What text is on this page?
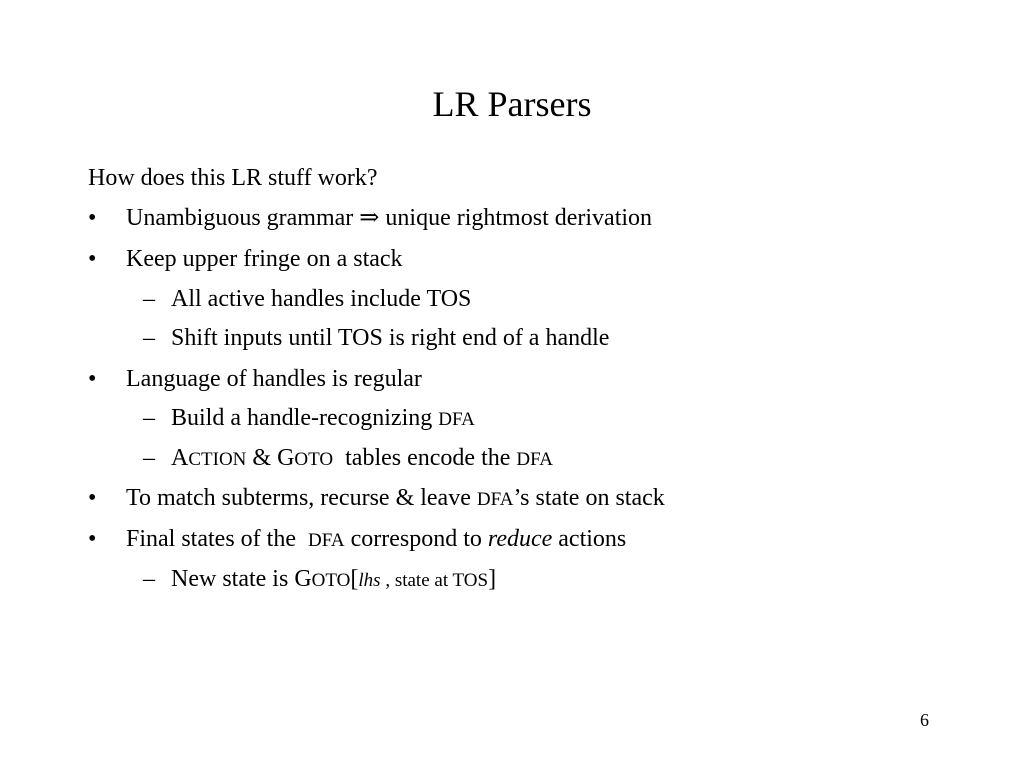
LR Parsers
How does this LR stuff work?
• Unambiguous grammar ⇒ unique rightmost derivation
• Keep upper fringe on a stack
– All active handles include TOS
– Shift inputs until TOS is right end of a handle
• Language of handles is regular
– Build a handle-recognizing DFA
– ACTION & GOTO  tables encode the DFA
• To match subterms, recurse & leave DFA’s state on stack
• Final states of the  DFA correspond to reduce actions
– New state is GOTO[lhs , state at TOS]
6
